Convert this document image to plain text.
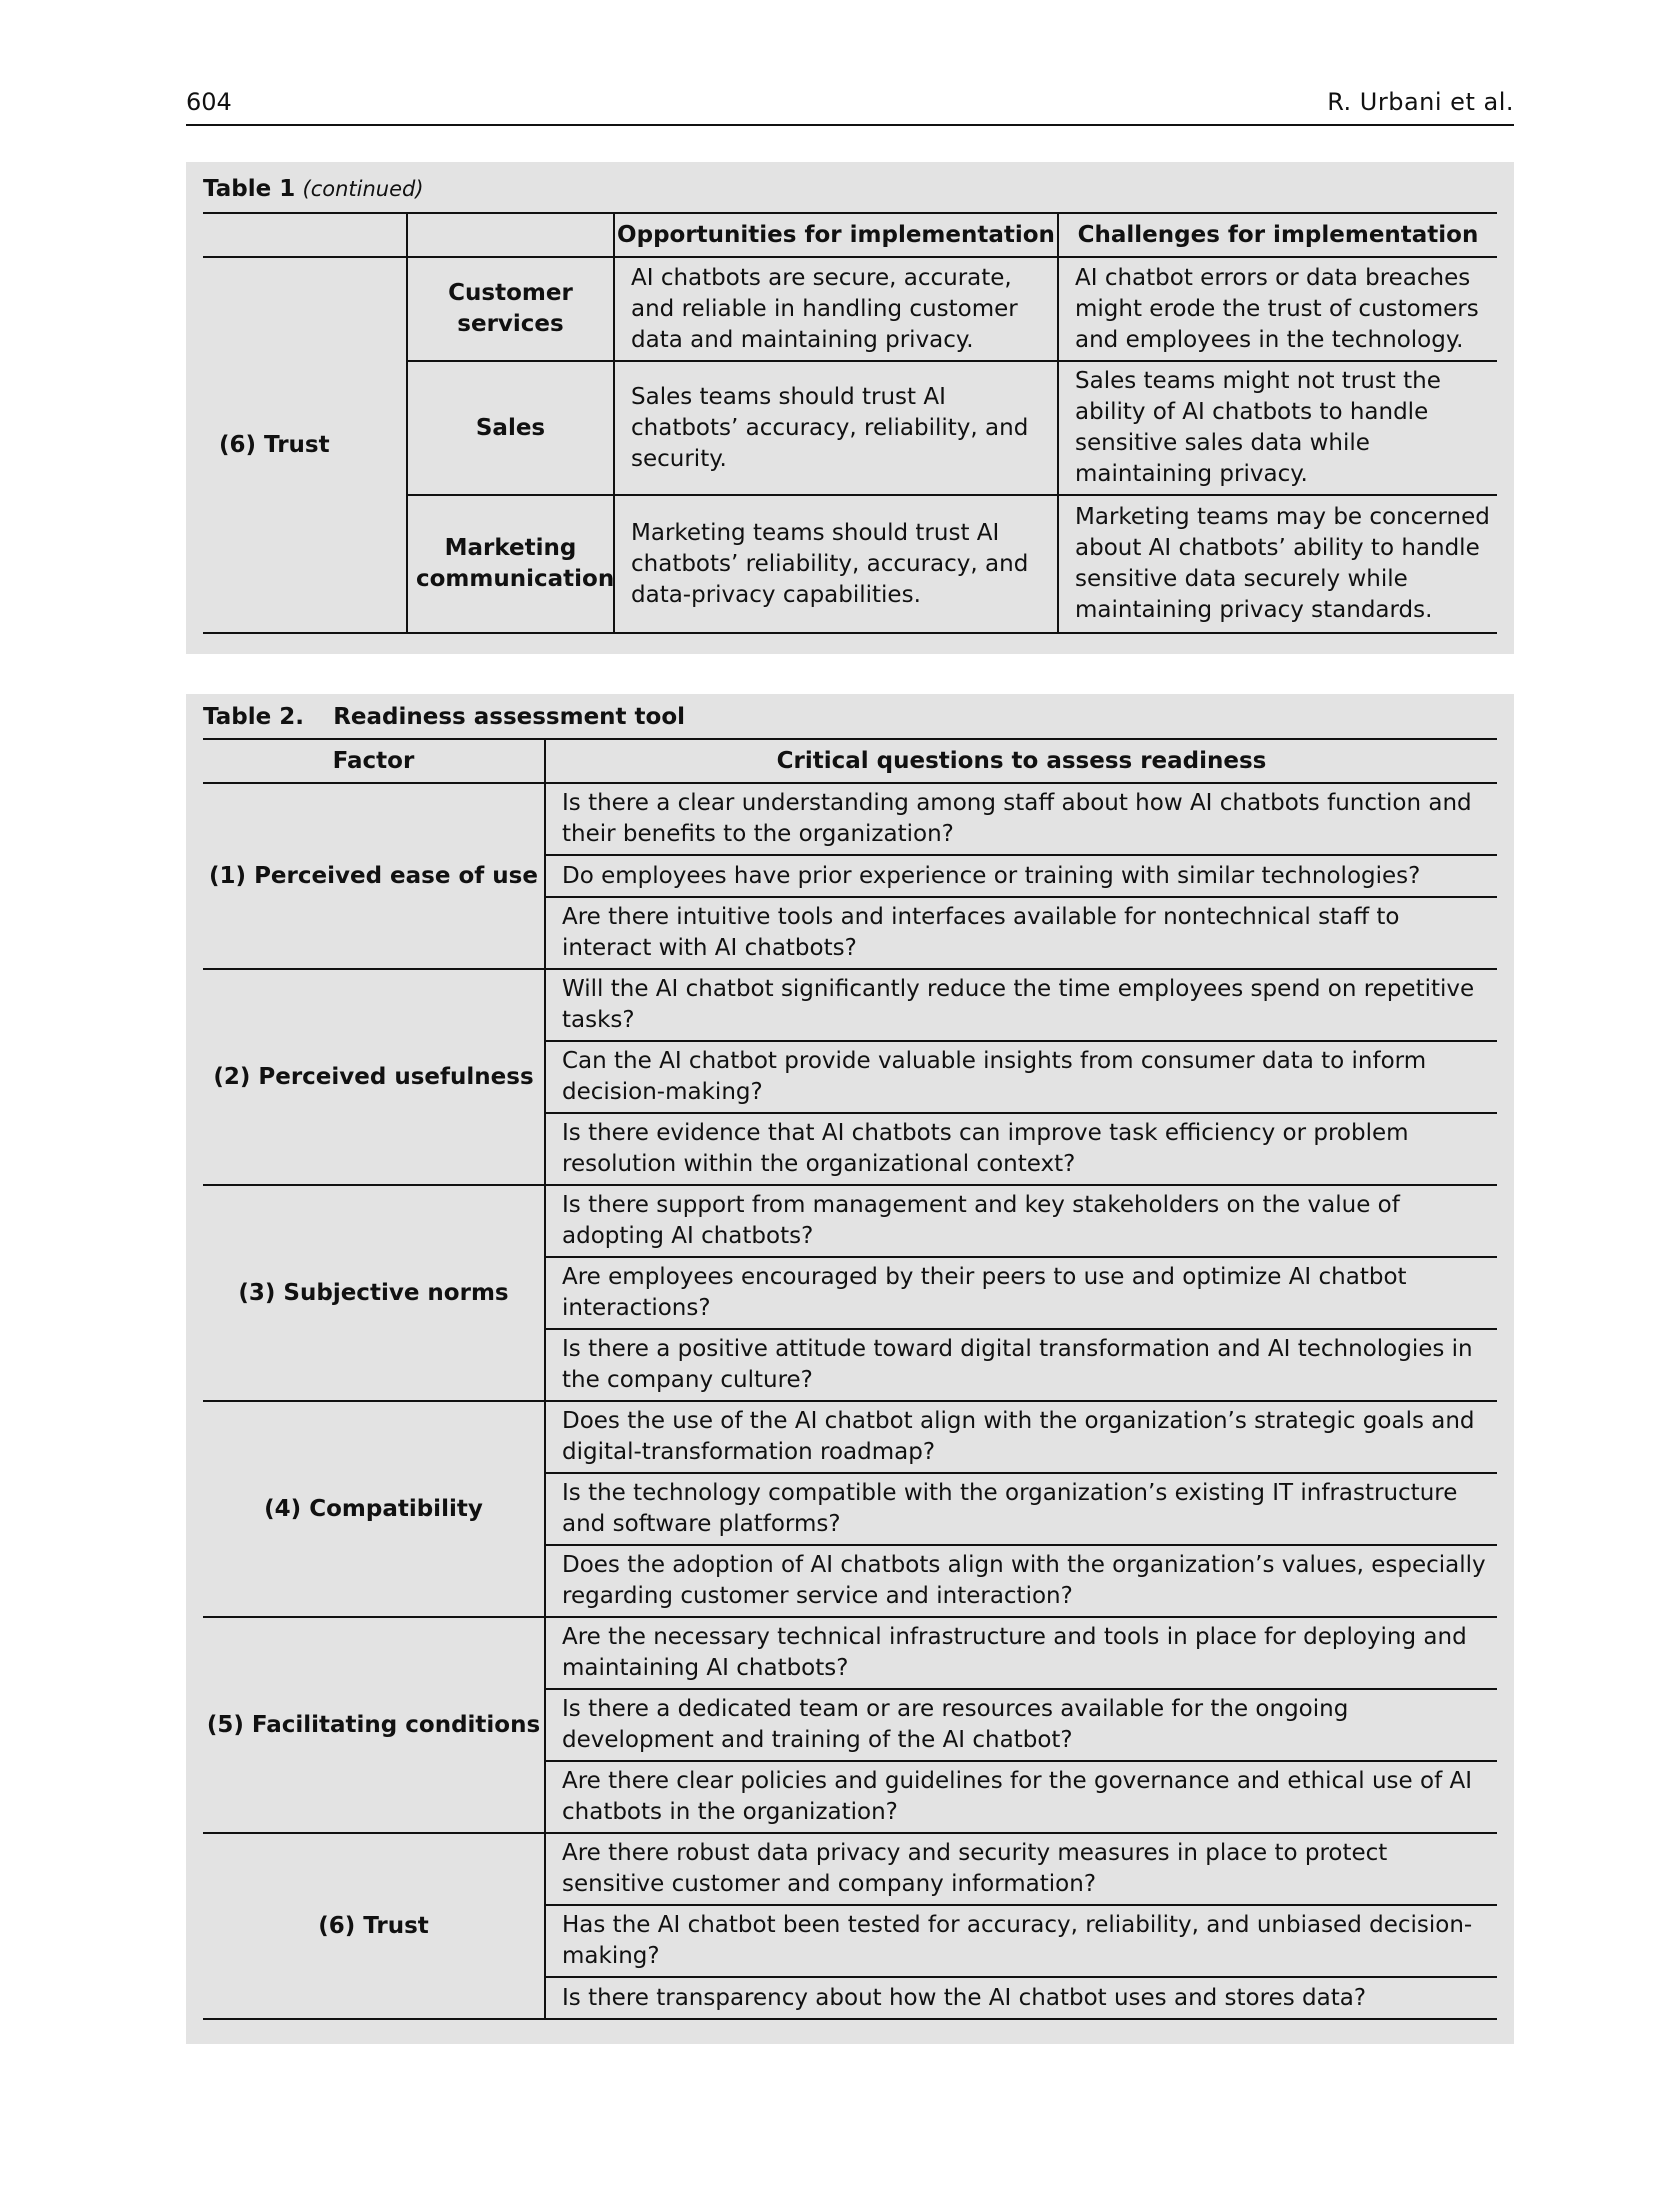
604	R. Urbani et al.
Table 1 (continued)
		Opportunities for implementation	Challenges for implementation
(6) Trust	Customer services	AI chatbots are secure, accurate, and reliable in handling customer data and maintaining privacy.	AI chatbot errors or data breaches might erode the trust of customers and employees in the technology.
	Sales	Sales teams should trust AI chatbots’ accuracy, reliability, and security.	Sales teams might not trust the ability of AI chatbots to handle sensitive sales data while maintaining privacy.
	Marketing communication	Marketing teams should trust AI chatbots’ reliability, accuracy, and data-privacy capabilities.	Marketing teams may be concerned about AI chatbots’ ability to handle sensitive data securely while maintaining privacy standards.
Table 2. Readiness assessment tool
Factor	Critical questions to assess readiness
(1) Perceived ease of use	Is there a clear understanding among staff about how AI chatbots function and their benefits to the organization?
	Do employees have prior experience or training with similar technologies?
	Are there intuitive tools and interfaces available for nontechnical staff to interact with AI chatbots?
(2) Perceived usefulness	Will the AI chatbot significantly reduce the time employees spend on repetitive tasks?
	Can the AI chatbot provide valuable insights from consumer data to inform decision-making?
	Is there evidence that AI chatbots can improve task efficiency or problem resolution within the organizational context?
(3) Subjective norms	Is there support from management and key stakeholders on the value of adopting AI chatbots?
	Are employees encouraged by their peers to use and optimize AI chatbot interactions?
	Is there a positive attitude toward digital transformation and AI technologies in the company culture?
(4) Compatibility	Does the use of the AI chatbot align with the organization’s strategic goals and digital-transformation roadmap?
	Is the technology compatible with the organization’s existing IT infrastructure and software platforms?
	Does the adoption of AI chatbots align with the organization’s values, especially regarding customer service and interaction?
(5) Facilitating conditions	Are the necessary technical infrastructure and tools in place for deploying and maintaining AI chatbots?
	Is there a dedicated team or are resources available for the ongoing development and training of the AI chatbot?
	Are there clear policies and guidelines for the governance and ethical use of AI chatbots in the organization?
(6) Trust	Are there robust data privacy and security measures in place to protect sensitive customer and company information?
	Has the AI chatbot been tested for accuracy, reliability, and unbiased decision-making?
	Is there transparency about how the AI chatbot uses and stores data?
